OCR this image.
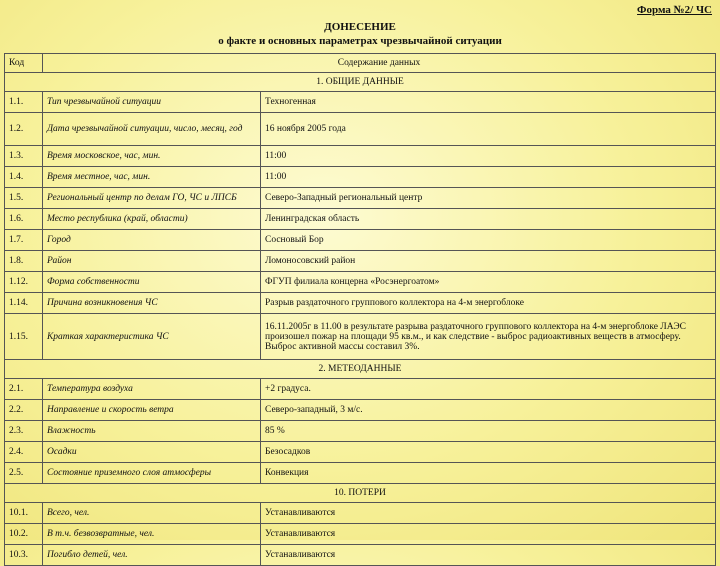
Форма №2/ ЧС
ДОНЕСЕНИЕ
о факте и основных параметрах чрезвычайной ситуации
Код	Содержание данных	
1. ОБЩИЕ ДАННЫЕ		
1.1.	Тип чрезвычайной ситуации	Техногенная
1.2.	Дата чрезвычайной ситуации, число, месяц, год	16 ноября 2005 года
1.3.	Время московское, час, мин.	11:00
1.4.	Время местное, час, мин.	11:00
1.5.	Региональный центр по делам ГО, ЧС и ЛПСБ	Северо-Западный региональный центр
1.6.	Место республика (край, области)	Ленинградская область
1.7.	Город	Сосновый Бор
1.8.	Район	Ломоносовский район
1.12.	Форма собственности	ФГУП филиала концерна «Росэнергоатом»
1.14.	Причина возникновения ЧС	Разрыв раздаточного группового коллектора на 4-м энергоблоке
1.15.	Краткая характеристика ЧС	16.11.2005г в 11.00 в результате разрыва раздаточного группового коллектора на 4-м энергоблоке ЛАЭС произошел пожар на площади 95 кв.м., и как следствие - выброс радиоактивных веществ в атмосферу. Выброс активной массы составил 3%.
2. МЕТЕОДАННЫЕ		
2.1.	Температура воздуха	+2 градуса.
2.2.	Направление и скорость ветра	Северо-западный, 3 м/с.
2.3.	Влажность	85 %
2.4.	Осадки	Безосадков
2.5.	Состояние приземного слоя атмосферы	Конвекция
10. ПОТЕРИ		
10.1.	Всего, чел.	Устанавливаются
10.2.	В т.ч. безвозвратные, чел.	Устанавливаются
10.3.	Погибло детей, чел.	Устанавливаются
